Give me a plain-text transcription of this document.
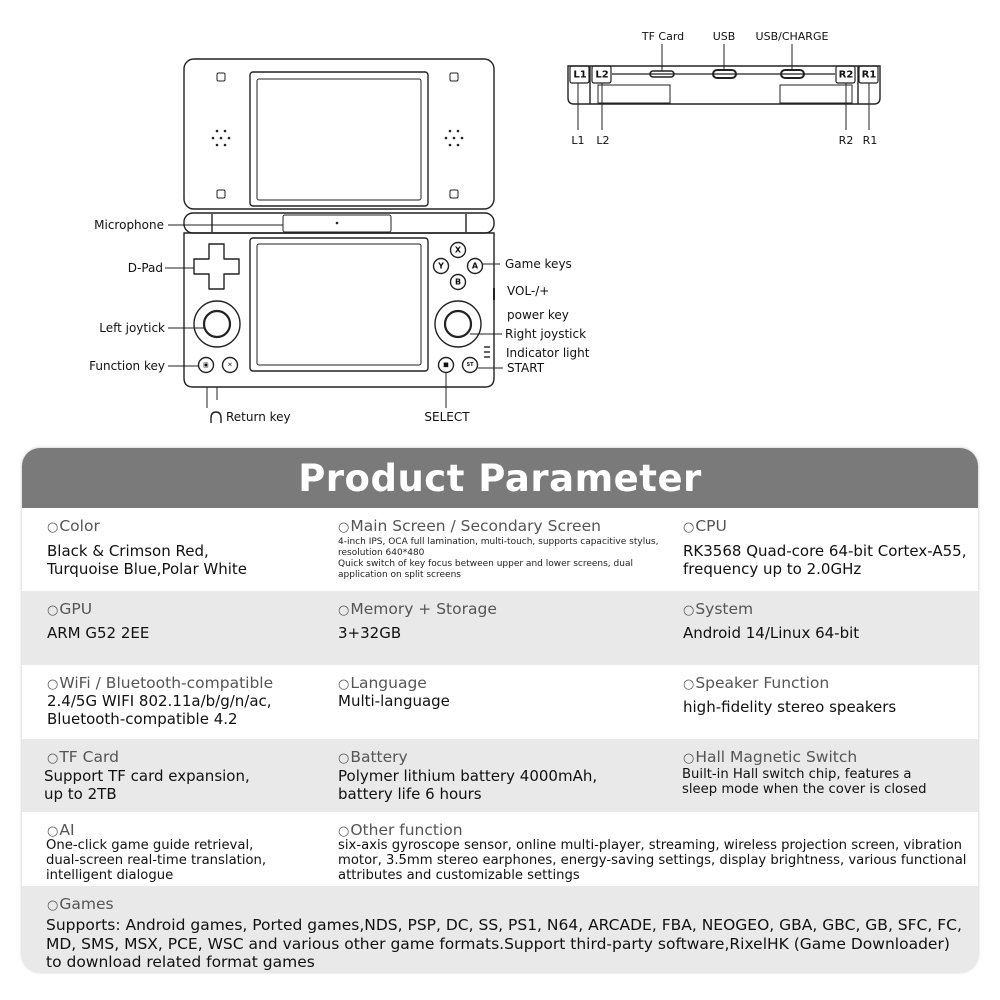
X
Y	A
B
▣	✕	■	ST
Microphone
D-Pad
Left joytick
Function key
Return key	SELECT
Game keys
VOL-/+
power key
Right joystick
Indicator light
START
L1 L2	R2 R1
TF Card	USB USB/CHARGE
L1 L2	R2 R1
Product Parameter
○Color
Black & Crimson Red,
Turquoise Blue,Polar White
○Main Screen / Secondary Screen
4-inch IPS, OCA full lamination, multi-touch, supports capacitive stylus,
resolution 640*480
Quick switch of key focus between upper and lower screens, dual
application on split screens
○CPU
RK3568 Quad-core 64-bit Cortex-A55,
frequency up to 2.0GHz
○GPU
ARM G52 2EE
○Memory + Storage
3+32GB
○System
Android 14/Linux 64-bit
○WiFi / Bluetooth-compatible
2.4/5G WIFI 802.11a/b/g/n/ac,
Bluetooth-compatible 4.2
○Language
Multi-language
○Speaker Function
high-fidelity stereo speakers
○TF Card
Support TF card expansion,
up to 2TB
○Battery
Polymer lithium battery 4000mAh,
battery life 6 hours
○Hall Magnetic Switch
Built-in Hall switch chip, features a
sleep mode when the cover is closed
○AI
One-click game guide retrieval,
dual-screen real-time translation,
intelligent dialogue
○Other function
six-axis gyroscope sensor, online multi-player, streaming, wireless projection screen, vibration
motor, 3.5mm stereo earphones, energy-saving settings, display brightness, various functional
attributes and customizable settings
○Games
Supports: Android games, Ported games,NDS, PSP, DC, SS, PS1, N64, ARCADE, FBA, NEOGEO, GBA, GBC, GB, SFC, FC,
MD, SMS, MSX, PCE, WSC and various other game formats.Support third-party software,RixelHK (Game Downloader)
to download related format games
